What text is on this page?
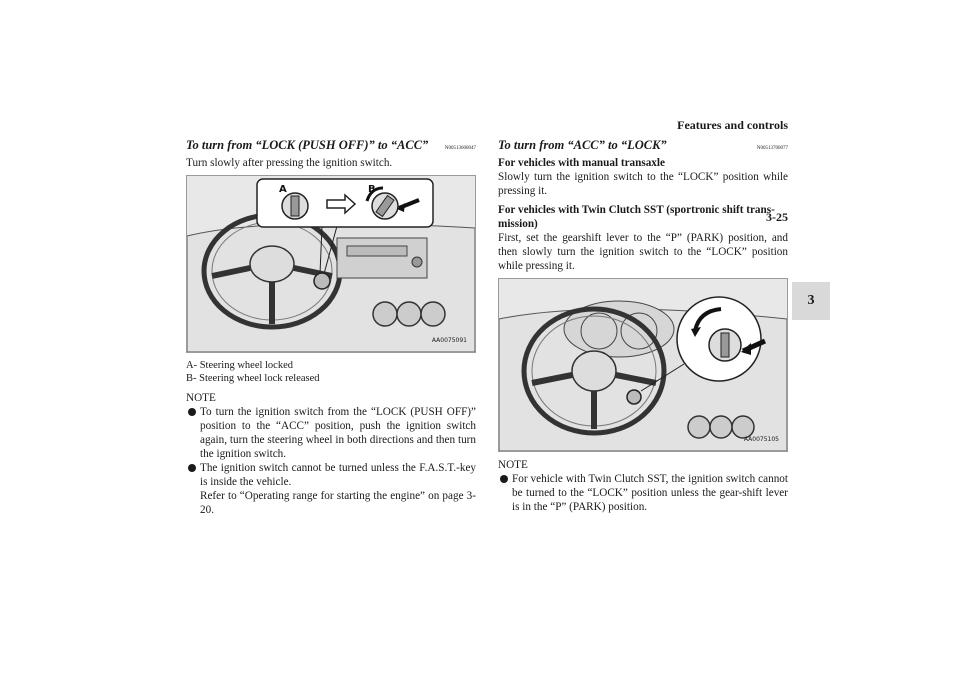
Features and controls
3-25
3
To turn from “LOCK (PUSH OFF)” to “ACC”	N00513600047

Turn slowly after pressing the ignition switch.

A	B
AA0075091
A- Steering wheel locked
B- Steering wheel lock released
NOTE
To turn the ignition switch from the “LOCK (PUSH OFF)” position to the “ACC” position, push the ignition switch again, turn the steering wheel in both directions and then turn the ignition switch.
The ignition switch cannot be turned unless the F.A.S.T.-key is inside the vehicle.
Refer to “Operating range for starting the engine” on page 3-20.
To turn from “ACC” to “LOCK”	N00513700077
For vehicles with manual transaxle

Slowly turn the ignition switch to the “LOCK” position while pressing it.

For vehicles with Twin Clutch SST (sportronic shift trans-mission)

First, set the gearshift lever to the “P” (PARK) position, and then slowly turn the ignition switch to the “LOCK” position while pressing it.

AA0075105
NOTE
For vehicle with Twin Clutch SST, the ignition switch cannot be turned to the “LOCK” position unless the gear-shift lever is in the “P” (PARK) position.
